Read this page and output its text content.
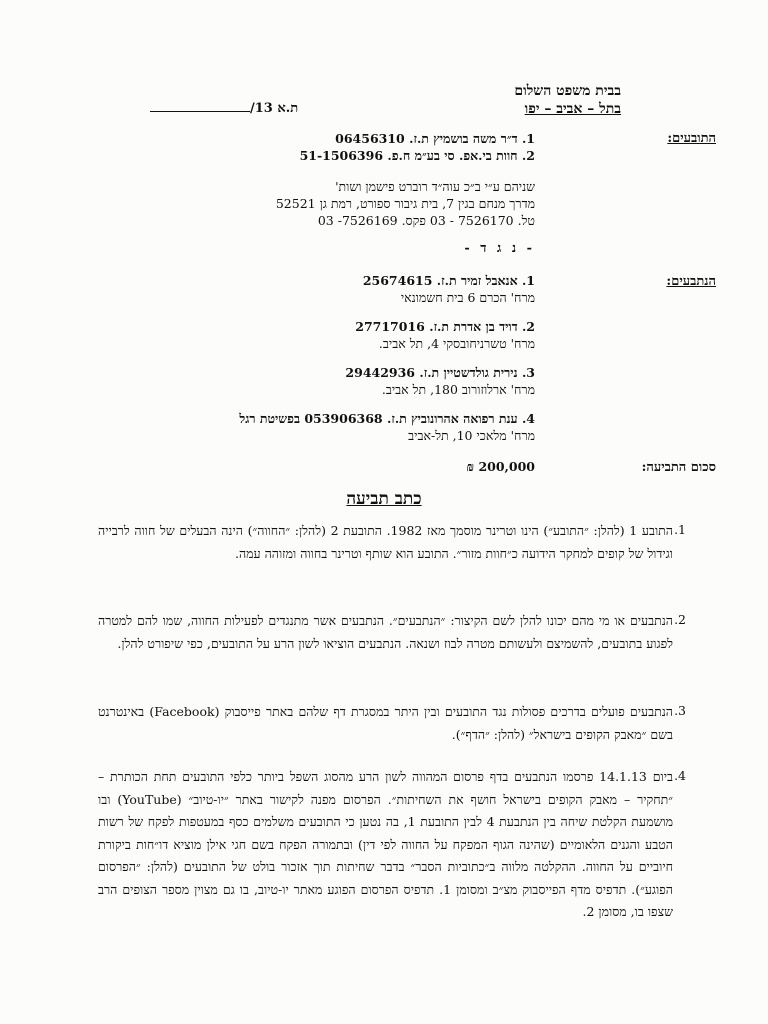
בבית משפט השלום
בתל – אביב – יפו
ת.א 13/
התובעים:
1. ד״ר משה בושמיץ ת.ז. 06456310
2. חוות בי.אפ. סי בע״מ ח.פ. 51-1506396
שניהם ע״י ב״כ עוה״ד רוברט פישמן ושות'
מדרך מנחם בגין 7, בית גיבור ספורט, רמת גן 52521
טל. 7526170 - 03 פקס. 7526169- 03
- נ ג ד -
הנתבעים:
1. אנאבל זמיר ת.ז. 25674615
מרח' הכרם 6 בית חשמונאי
2. דויד בן אדרת ת.ז. 27717016
מרח' טשרניחובסקי 4, תל אביב.
3. נירית גולדשטיין ת.ז. 29442936
מרח' ארלוזורוב 180, תל אביב.
4. ענת רפואה אהרונוביץ ת.ז. 053906368 בפשיטת רגל
מרח' מלאכי 10, תל-אביב
סכום התביעה:
200,000 ₪
כתב תביעה
1.
התובע 1 (להלן: ״התובע״) הינו וטרינר מוסמך מאז 1982. התובעת 2 (להלן: ״החווה״) הינה הבעלים של חווה לרבייה וגידול של קופים למחקר הידועה כ״חוות מזור״. התובע הוא שותף וטרינר בחווה ומזוהה עמה.
2.
הנתבעים או מי מהם יכונו להלן לשם הקיצור: ״הנתבעים״. הנתבעים אשר מתנגדים לפעילות החווה, שמו להם למטרה לפגוע בתובעים, להשמיצם ולעשותם מטרה לבוז ושנאה. הנתבעים הוציאו לשון הרע על התובעים, כפי שיפורט להלן.
3.
הנתבעים פועלים בדרכים פסולות נגד התובעים ובין היתר במסגרת דף שלהם באתר פייסבוק (Facebook) באינטרנט בשם ״מאבק הקופים בישראל״ (להלן: ״הדף״).
4.
ביום 14.1.13 פרסמו הנתבעים בדף פרסום המהווה לשון הרע מהסוג השפל ביותר כלפי התובעים תחת הכותרת – ״תחקיר – מאבק הקופים בישראל חושף את השחיתות״. הפרסום מפנה לקישור באתר ״יו-טיוב״ (YouTube) ובו מושמעת הקלטת שיחה בין הנתבעת 4 לבין התובעת 1, בה נטען כי התובעים משלמים כסף במעטפות לפקח של רשות הטבע והגנים הלאומיים (שהינה הגוף המפקח על החווה לפי דין) ובתמורה הפקח בשם חגי אילן מוציא דו״חות ביקורת חיוביים על החווה. ההקלטה מלווה ב״כתוביות הסבר״ בדבר שחיתות תוך אזכור בולט של התובעים (להלן: ״הפרסום הפוגע״). תדפיס מדף הפייסבוק מצ״ב ומסומן 1. תדפיס הפרסום הפוגע מאתר יו-טיוב, בו גם מצוין מספר הצופים הרב שצפו בו, מסומן 2.
